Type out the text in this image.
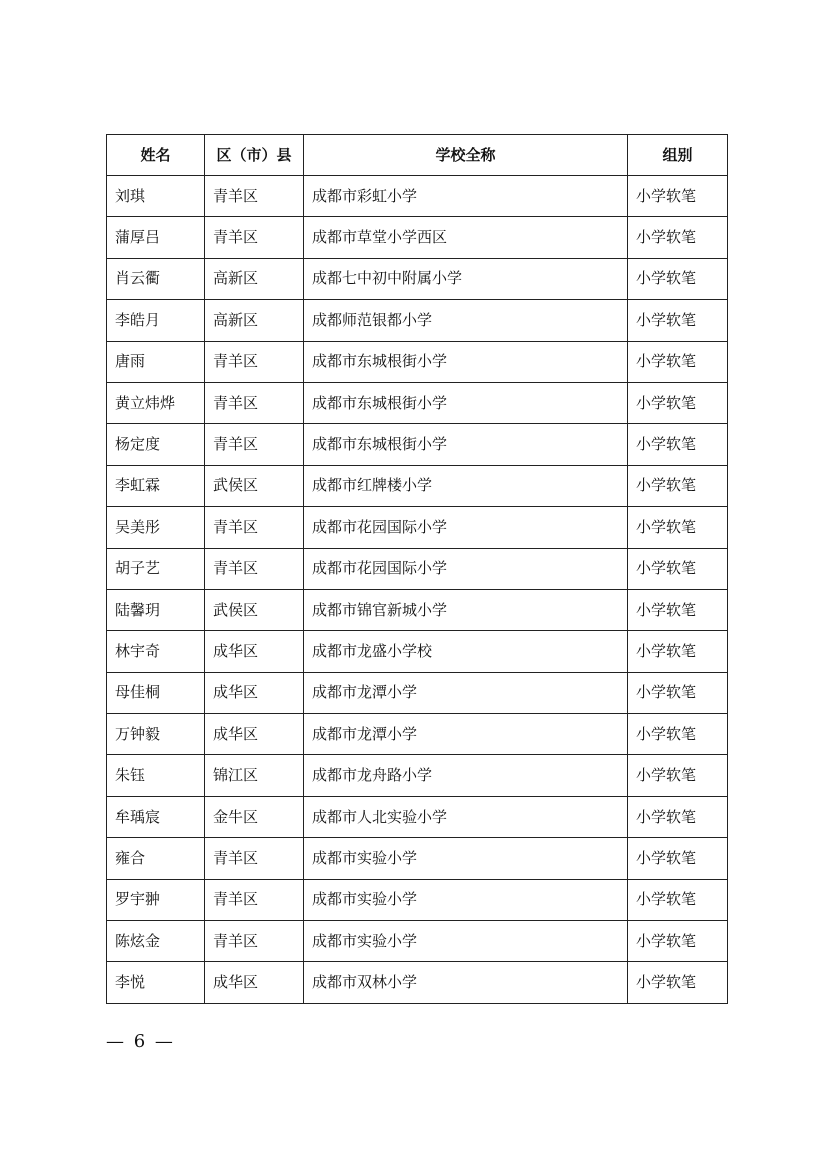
姓名	区（市）县	学校全称	组别
刘琪	青羊区	成都市彩虹小学	小学软笔
蒲厚吕	青羊区	成都市草堂小学西区	小学软笔
肖云衢	高新区	成都七中初中附属小学	小学软笔
李皓月	高新区	成都师范银都小学	小学软笔
唐雨	青羊区	成都市东城根街小学	小学软笔
黄立炜烨	青羊区	成都市东城根街小学	小学软笔
杨定度	青羊区	成都市东城根街小学	小学软笔
李虹霖	武侯区	成都市红牌楼小学	小学软笔
吴美彤	青羊区	成都市花园国际小学	小学软笔
胡子艺	青羊区	成都市花园国际小学	小学软笔
陆馨玥	武侯区	成都市锦官新城小学	小学软笔
林宇奇	成华区	成都市龙盛小学校	小学软笔
母佳桐	成华区	成都市龙潭小学	小学软笔
万钟毅	成华区	成都市龙潭小学	小学软笔
朱钰	锦江区	成都市龙舟路小学	小学软笔
牟瑀宸	金牛区	成都市人北实验小学	小学软笔
雍合	青羊区	成都市实验小学	小学软笔
罗宇翀	青羊区	成都市实验小学	小学软笔
陈炫金	青羊区	成都市实验小学	小学软笔
李悦	成华区	成都市双林小学	小学软笔
— 6 —
